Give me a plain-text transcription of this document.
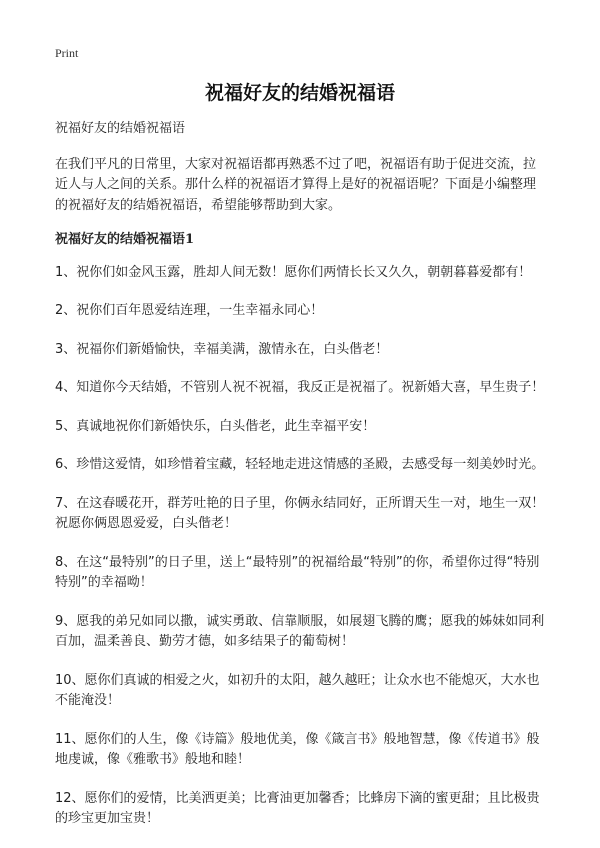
Print
祝福好友的结婚祝福语

祝福好友的结婚祝福语

在我们平凡的日常里，大家对祝福语都再熟悉不过了吧，祝福语有助于促进交流，拉近人与人之间的关系。那什么样的祝福语才算得上是好的祝福语呢？下面是小编整理的祝福好友的结婚祝福语，希望能够帮助到大家。

祝福好友的结婚祝福语1

1、祝你们如金风玉露，胜却人间无数！愿你们两情长长又久久，朝朝暮暮爱都有！
2、祝你们百年恩爱结连理，一生幸福永同心！
3、祝福你们新婚愉快，幸福美满，激情永在，白头偕老！
4、知道你今天结婚，不管别人祝不祝福，我反正是祝福了。祝新婚大喜，早生贵子！
5、真诚地祝你们新婚快乐，白头偕老，此生幸福平安！
6、珍惜这爱情，如珍惜着宝藏，轻轻地走进这情感的圣殿，去感受每一刻美妙时光。
7、在这春暖花开，群芳吐艳的日子里，你俩永结同好，正所谓天生一对，地生一双！祝愿你俩恩恩爱爱，白头偕老！
8、在这“最特别”的日子里，送上“最特别”的祝福给最“特别”的你，希望你过得“特别特别”的幸福呦！
9、愿我的弟兄如同以撒，诚实勇敢、信靠顺服，如展翅飞腾的鹰；愿我的姊妹如同利百加，温柔善良、勤劳才德，如多结果子的葡萄树！
10、愿你们真诚的相爱之火，如初升的太阳，越久越旺；让众水也不能熄灭，大水也不能淹没！
11、愿你们的人生，像《诗篇》般地优美，像《箴言书》般地智慧，像《传道书》般地虔诚，像《雅歌书》般地和睦！
12、愿你们的爱情，比美洒更美；比膏油更加馨香；比蜂房下滴的蜜更甜；且比极贵的珍宝更加宝贵！
